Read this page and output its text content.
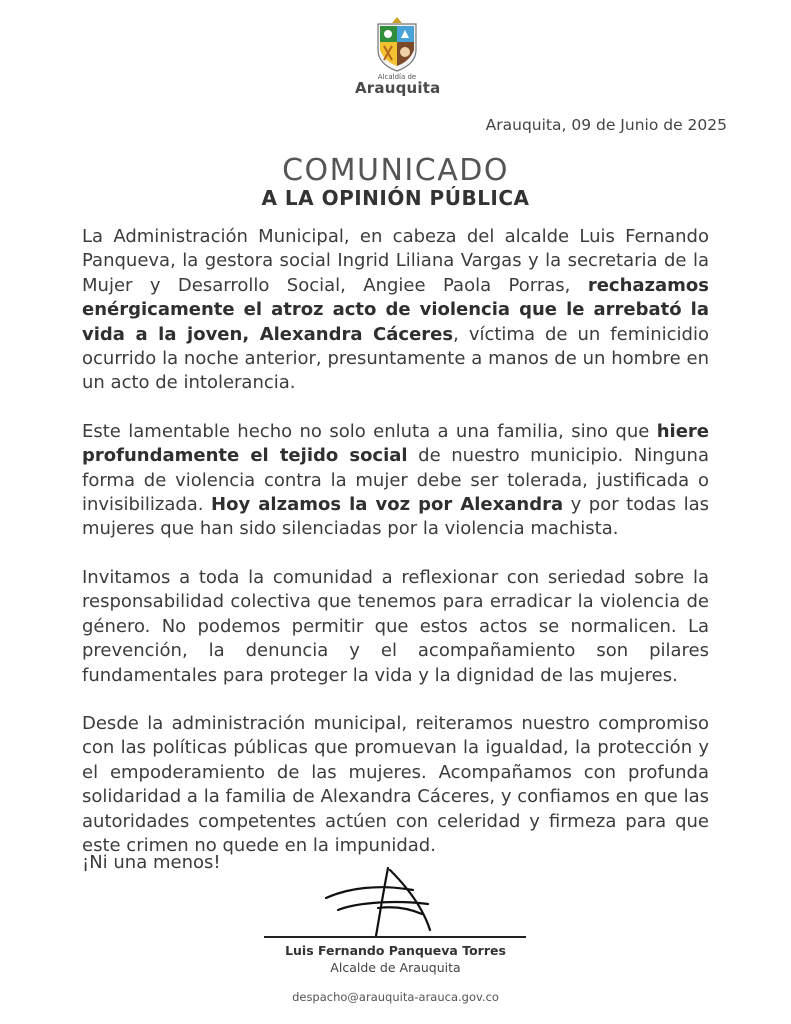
Alcaldía de
Arauquita
Arauquita, 09 de Junio de 2025
COMUNICADO
A LA OPINIÓN PÚBLICA

La Administración Municipal, en cabeza del alcalde Luis Fernando Panqueva, la gestora social Ingrid Liliana Vargas y la secretaria de la Mujer y Desarrollo Social, Angiee Paola Porras, rechazamos enérgicamente el atroz acto de violencia que le arrebató la vida a la joven, Alexandra Cáceres, víctima de un feminicidio ocurrido la noche anterior, presuntamente a manos de un hombre en un acto de intolerancia.

Este lamentable hecho no solo enluta a una familia, sino que hiere profundamente el tejido social de nuestro municipio. Ninguna forma de violencia contra la mujer debe ser tolerada, justificada o invisibilizada. Hoy alzamos la voz por Alexandra y por todas las mujeres que han sido silenciadas por la violencia machista.

Invitamos a toda la comunidad a reflexionar con seriedad sobre la responsabilidad colectiva que tenemos para erradicar la violencia de género. No podemos permitir que estos actos se normalicen. La prevención, la denuncia y el acompañamiento son pilares fundamentales para proteger la vida y la dignidad de las mujeres.

Desde la administración municipal, reiteramos nuestro compromiso con las políticas públicas que promuevan la igualdad, la protección y el empoderamiento de las mujeres. Acompañamos con profunda solidaridad a la familia de Alexandra Cáceres, y confiamos en que las autoridades competentes actúen con celeridad y firmeza para que este crimen no quede en la impunidad.

¡Ni una menos!
Luis Fernando Panqueva Torres
Alcalde de Arauquita
despacho@arauquita-arauca.gov.co
